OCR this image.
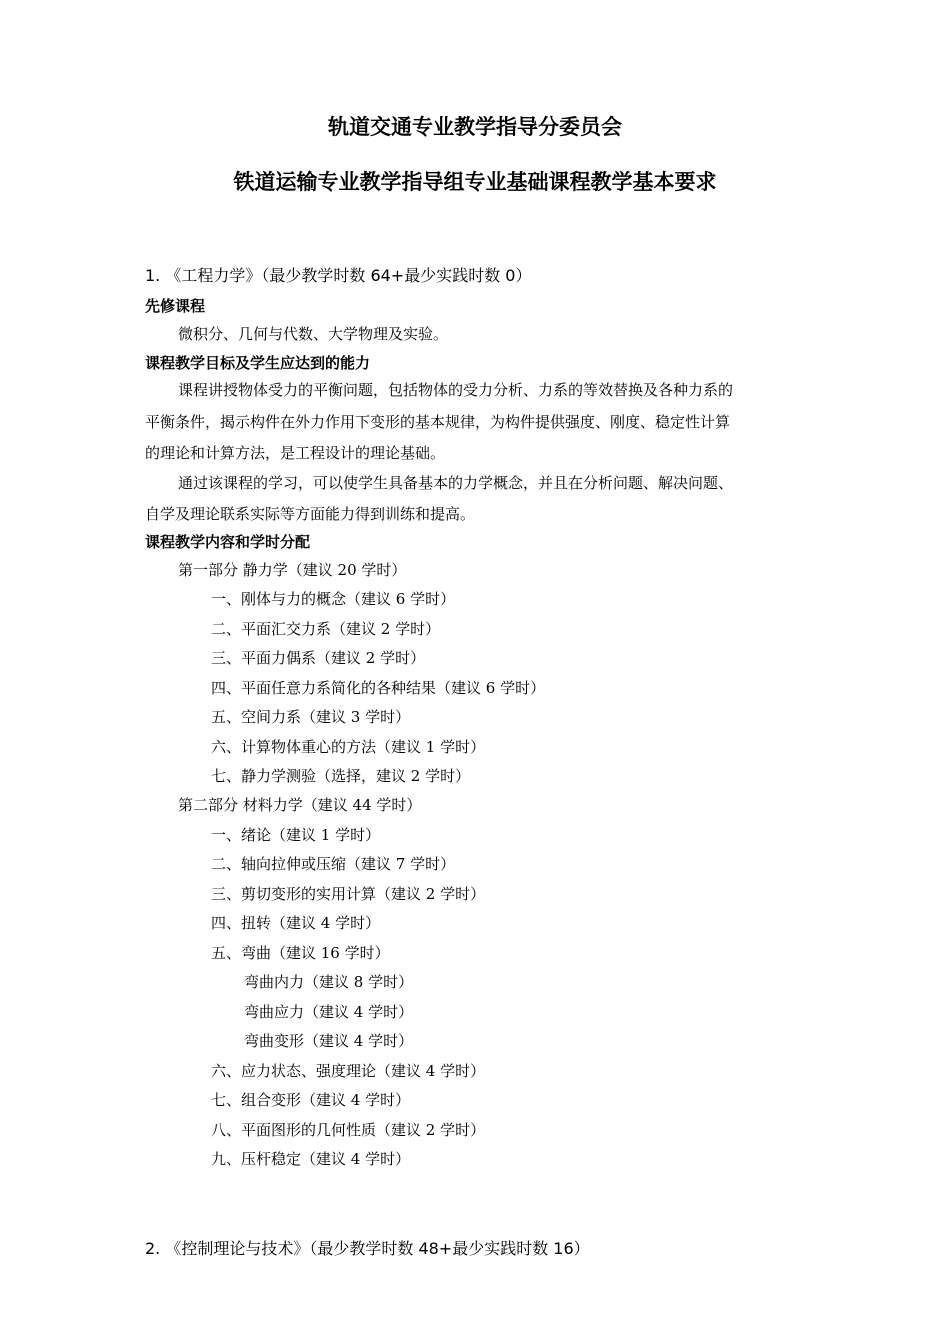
轨道交通专业教学指导分委员会
铁道运输专业教学指导组专业基础课程教学基本要求
1. 《工程力学》（最少教学时数 64+最少实践时数 0）
先修课程
微积分、几何与代数、大学物理及实验。
课程教学目标及学生应达到的能力
课程讲授物体受力的平衡问题，包括物体的受力分析、力系的等效替换及各种力系的
平衡条件，揭示构件在外力作用下变形的基本规律，为构件提供强度、刚度、稳定性计算
的理论和计算方法，是工程设计的理论基础。
通过该课程的学习，可以使学生具备基本的力学概念，并且在分析问题、解决问题、
自学及理论联系实际等方面能力得到训练和提高。
课程教学内容和学时分配
第一部分 静力学（建议 20 学时）
一、刚体与力的概念（建议 6 学时）
二、平面汇交力系（建议 2 学时）
三、平面力偶系（建议 2 学时）
四、平面任意力系简化的各种结果（建议 6 学时）
五、空间力系（建议 3 学时）
六、计算物体重心的方法（建议 1 学时）
七、静力学测验（选择，建议 2 学时）
第二部分 材料力学（建议 44 学时）
一、绪论（建议 1 学时）
二、轴向拉伸或压缩（建议 7 学时）
三、剪切变形的实用计算（建议 2 学时）
四、扭转（建议 4 学时）
五、弯曲（建议 16 学时）
弯曲内力（建议 8 学时）
弯曲应力（建议 4 学时）
弯曲变形（建议 4 学时）
六、应力状态、强度理论（建议 4 学时）
七、组合变形（建议 4 学时）
八、平面图形的几何性质（建议 2 学时）
九、压杆稳定（建议 4 学时）
2. 《控制理论与技术》（最少教学时数 48+最少实践时数 16）
